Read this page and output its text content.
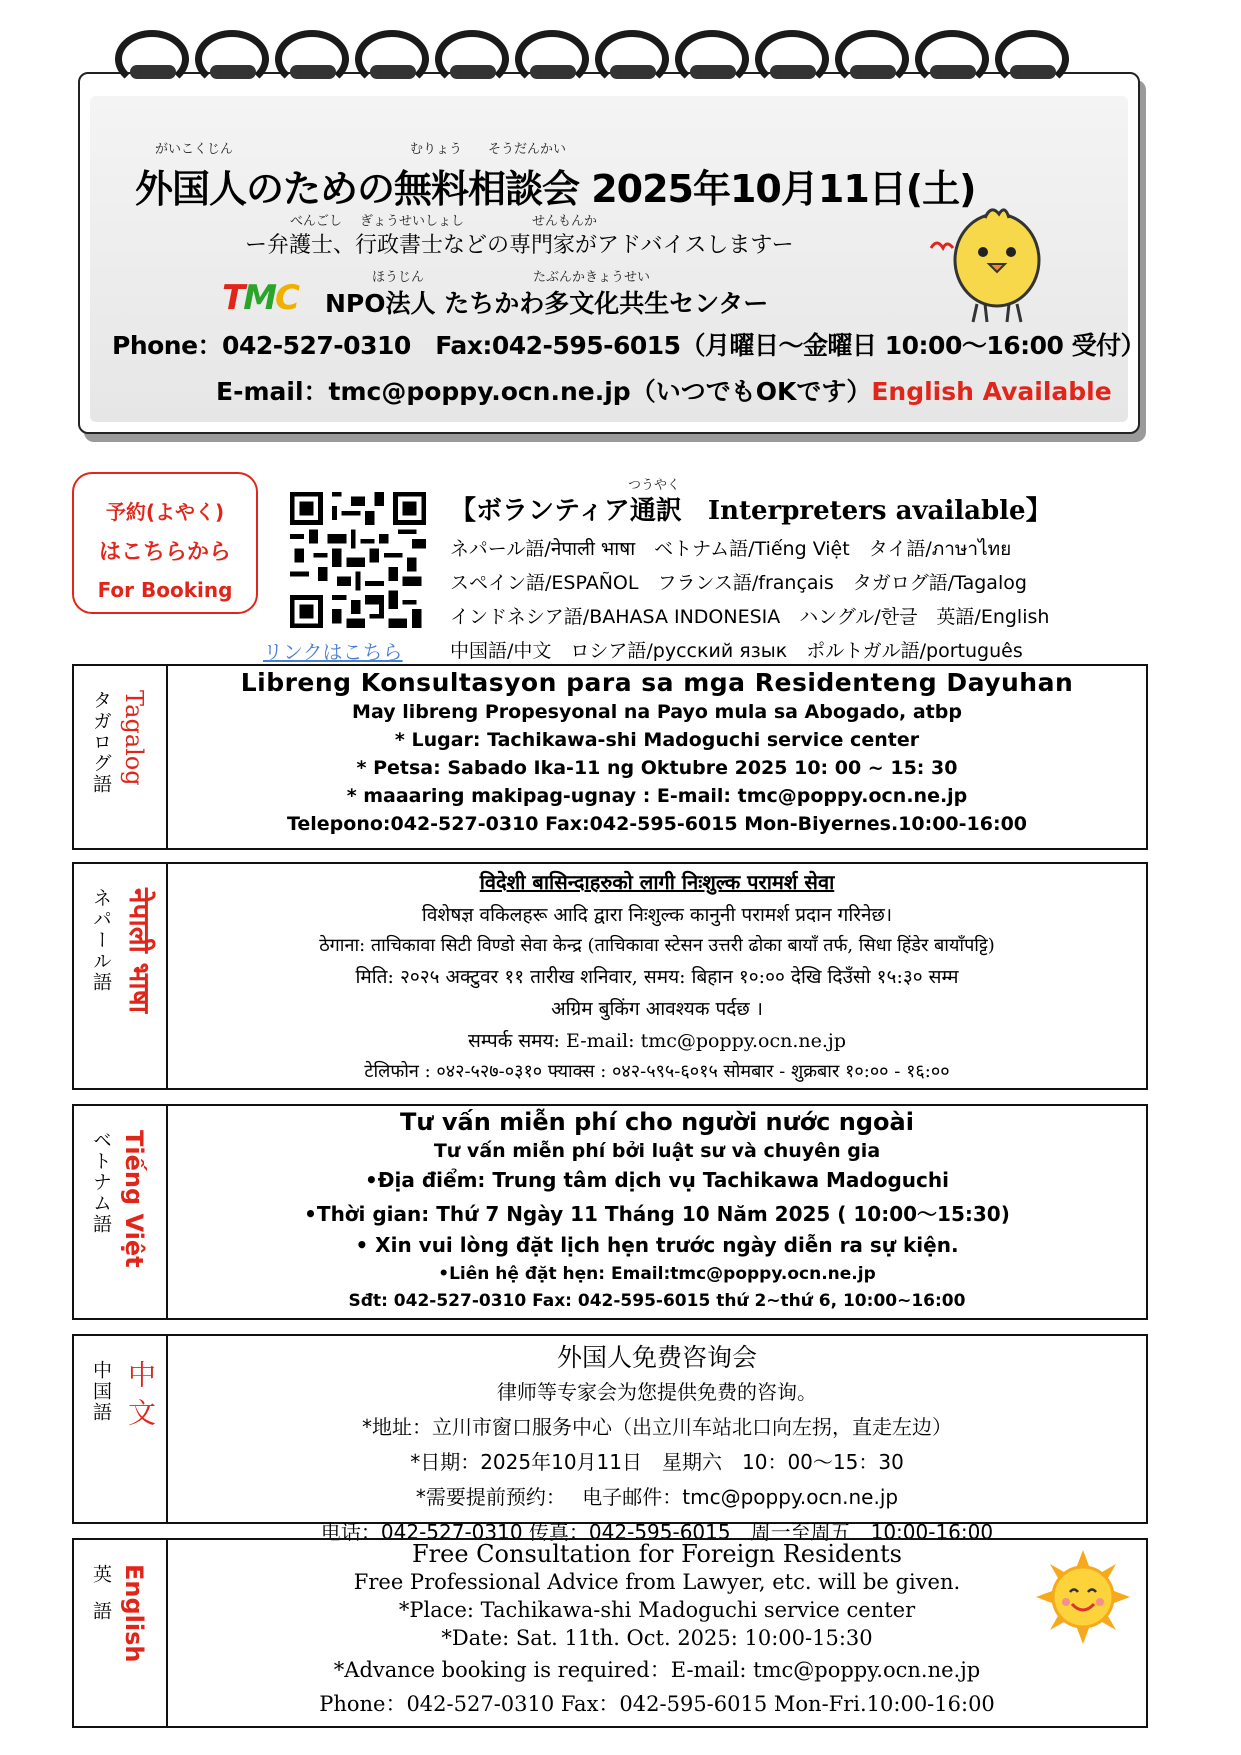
がいこくじん	むりょう そうだんかい
外国人のための無料相談会 2025年10月11日(土)
べんごし ぎょうせいしょし	せんもんか
ー弁護士、行政書士などの専門家がアドバイスしますー
TMC
ほうじん	たぶんかきょうせい
NPO法人 たちかわ多文化共生センター
Phone：042-527-0310　Fax:042-595-6015（月曜日～金曜日 10:00～16:00 受付）
E-mail：tmc@poppy.ocn.ne.jp（いつでもOKです）English Available
予約(よやく)
はこちらから
For Booking
リンクはこちら
つうやく
【ボランティア通訳　Interpreters available】
ネパール語/नेपाली भाषा　ベトナム語/Tiếng Việt　タイ語/ภาษาไทย
スペイン語/ESPAÑOL　フランス語/français　タガログ語/Tagalog
インドネシア語/BAHASA INDONESIA　ハングル/한글　英語/English
中国語/中文　ロシア語/русский язык　ポルトガル語/português
タガログ語 Tagalog
Libreng Konsultasyon para sa mga Residenteng Dayuhan
May libreng Propesyonal na Payo mula sa Abogado, atbp
* Lugar: Tachikawa-shi Madoguchi service center
* Petsa: Sabado Ika-11 ng Oktubre 2025 10: 00 ~ 15: 30
* maaaring makipag-ugnay : E-mail: tmc@poppy.ocn.ne.jp
Telepono:042-527-0310 Fax:042-595-6015 Mon-Biyernes.10:00-16:00
ネパール語 नेपाली भाषा
विदेशी बासिन्दाहरुको लागी निःशुल्क परामर्श सेवा
विशेषज्ञ वकिलहरू आदि द्वारा निःशुल्क कानुनी परामर्श प्रदान गरिनेछ।
ठेगाना: ताचिकावा सिटी विण्डो सेवा केन्द्र (ताचिकावा स्टेसन उत्तरी ढोका बायाँ तर्फ, सिधा हिंडेर बायाँपट्टि)
मिति: २०२५ अक्टुवर ११ तारीख शनिवार, समय: बिहान १०:०० देखि दिउँसो १५:३० सम्म
अग्रिम बुकिंग आवश्यक पर्दछ ।
सम्पर्क समय: E-mail: tmc@poppy.ocn.ne.jp
टेलिफोन : ०४२-५२७-०३१० फ्याक्स : ०४२-५९५-६०१५ सोमबार - शुक्रबार १०:०० - १६:००
ベトナム語 Tiếng Việt
Tư vấn miễn phí cho người nước ngoài
Tư vấn miễn phí bởi luật sư và chuyên gia
•Địa điểm: Trung tâm dịch vụ Tachikawa Madoguchi
•Thời gian: Thứ 7 Ngày 11 Tháng 10 Năm 2025 ( 10:00～15:30)
• Xin vui lòng đặt lịch hẹn trước ngày diễn ra sự kiện.
•Liên hệ đặt hẹn: Email:tmc@poppy.ocn.ne.jp
Sđt: 042-527-0310 Fax: 042-595-6015 thứ 2~thứ 6, 10:00~16:00
中国語 中文
外国人免费咨询会
律师等专家会为您提供免费的咨询。
*地址：立川市窗口服务中心（出立川车站北口向左拐，直走左边）
*日期：2025年10月11日　星期六　10：00～15：30
*需要提前预约：　 电子邮件：tmc@poppy.ocn.ne.jp
电话：042-527-0310 传真：042-595-6015　周一至周五　10:00-16:00
英語 English
Free Consultation for Foreign Residents
Free Professional Advice from Lawyer, etc. will be given.
*Place: Tachikawa-shi Madoguchi service center
*Date: Sat. 11th. Oct. 2025: 10:00-15:30
*Advance booking is required：E-mail: tmc@poppy.ocn.ne.jp
Phone：042-527-0310 Fax：042-595-6015 Mon-Fri.10:00-16:00
